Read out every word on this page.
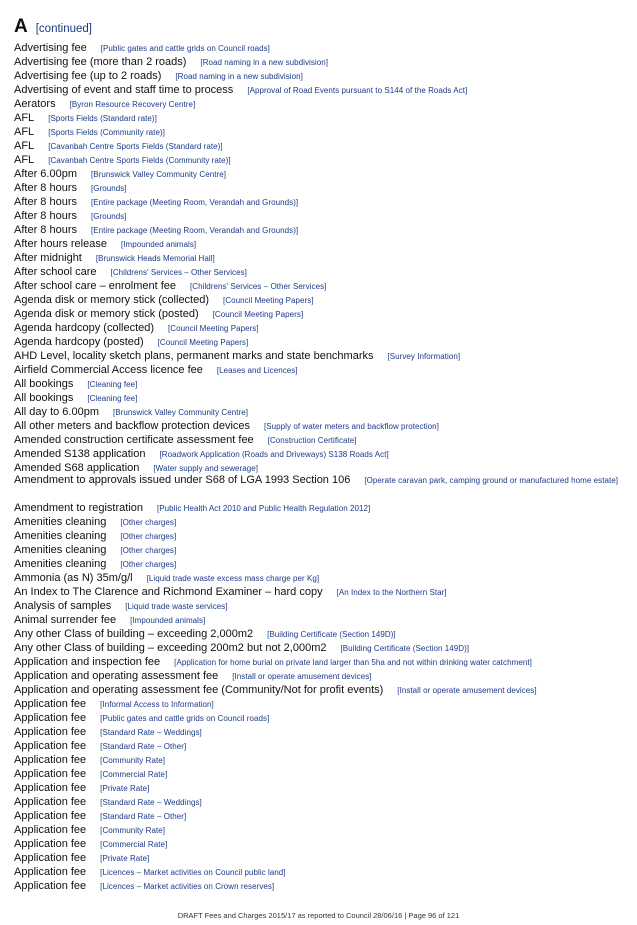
A [continued]
Advertising fee [Public gates and cattle grids on Council roads]
Advertising fee (more than 2 roads) [Road naming in a new subdivision]
Advertising fee (up to 2 roads) [Road naming in a new subdivision]
Advertising of event and staff time to process [Approval of Road Events pursuant to S144 of the Roads Act]
Aerators [Byron Resource Recovery Centre]
AFL [Sports Fields (Standard rate)]
AFL [Sports Fields (Community rate)]
AFL [Cavanbah Centre Sports Fields (Standard rate)]
AFL [Cavanbah Centre Sports Fields (Community rate)]
After 6.00pm [Brunswick Valley Community Centre]
After 8 hours [Grounds]
After 8 hours [Entire package (Meeting Room, Verandah and Grounds)]
After 8 hours [Grounds]
After 8 hours [Entire package (Meeting Room, Verandah and Grounds)]
After hours release [Impounded animals]
After midnight [Brunswick Heads Memorial Hall]
After school care [Childrens' Services – Other Services]
After school care – enrolment fee [Childrens' Services – Other Services]
Agenda disk or memory stick (collected) [Council Meeting Papers]
Agenda disk or memory stick (posted) [Council Meeting Papers]
Agenda hardcopy (collected) [Council Meeting Papers]
Agenda hardcopy (posted) [Council Meeting Papers]
AHD Level, locality sketch plans, permanent marks and state benchmarks [Survey Information]
Airfield Commercial Access licence fee [Leases and Licences]
All bookings [Cleaning fee]
All bookings [Cleaning fee]
All day to 6.00pm [Brunswick Valley Community Centre]
All other meters and backflow protection devices [Supply of water meters and backflow protection]
Amended construction certificate assessment fee [Construction Certificate]
Amended S138 application [Roadwork Application (Roads and Driveways) S138 Roads Act]
Amended S68 application [Water supply and sewerage]
Amendment to approvals issued under S68 of LGA 1993 Section 106 [Operate caravan park, camping ground or manufactured home estate]
Amendment to registration [Public Health Act 2010 and Public Health Regulation 2012]
Amenities cleaning [Other charges]
Amenities cleaning [Other charges]
Amenities cleaning [Other charges]
Amenities cleaning [Other charges]
Ammonia (as N) 35m/g/l [Liquid trade waste excess mass charge per Kg]
An Index to The Clarence and Richmond Examiner – hard copy [An Index to the Northern Star]
Analysis of samples [Liquid trade waste services]
Animal surrender fee [Impounded animals]
Any other Class of building – exceeding 2,000m2 [Building Certificate (Section 149D)]
Any other Class of building – exceeding 200m2 but not 2,000m2 [Building Certificate (Section 149D)]
Application and inspection fee [Application for home burial on private land larger than 5ha and not within drinking water catchment]
Application and operating assessment fee [Install or operate amusement devices]
Application and operating assessment fee (Community/Not for profit events) [Install or operate amusement devices]
Application fee [Informal Access to Information]
Application fee [Public gates and cattle grids on Council roads]
Application fee [Standard Rate – Weddings]
Application fee [Standard Rate – Other]
Application fee [Community Rate]
Application fee [Commercial Rate]
Application fee [Private Rate]
Application fee [Standard Rate – Weddings]
Application fee [Standard Rate – Other]
Application fee [Community Rate]
Application fee [Commercial Rate]
Application fee [Private Rate]
Application fee [Licences – Market activities on Council public land]
Application fee [Licences – Market activities on Crown reserves]
DRAFT Fees and Charges 2015/17 as reported to Council 28/06/16 | Page 96 of 121
